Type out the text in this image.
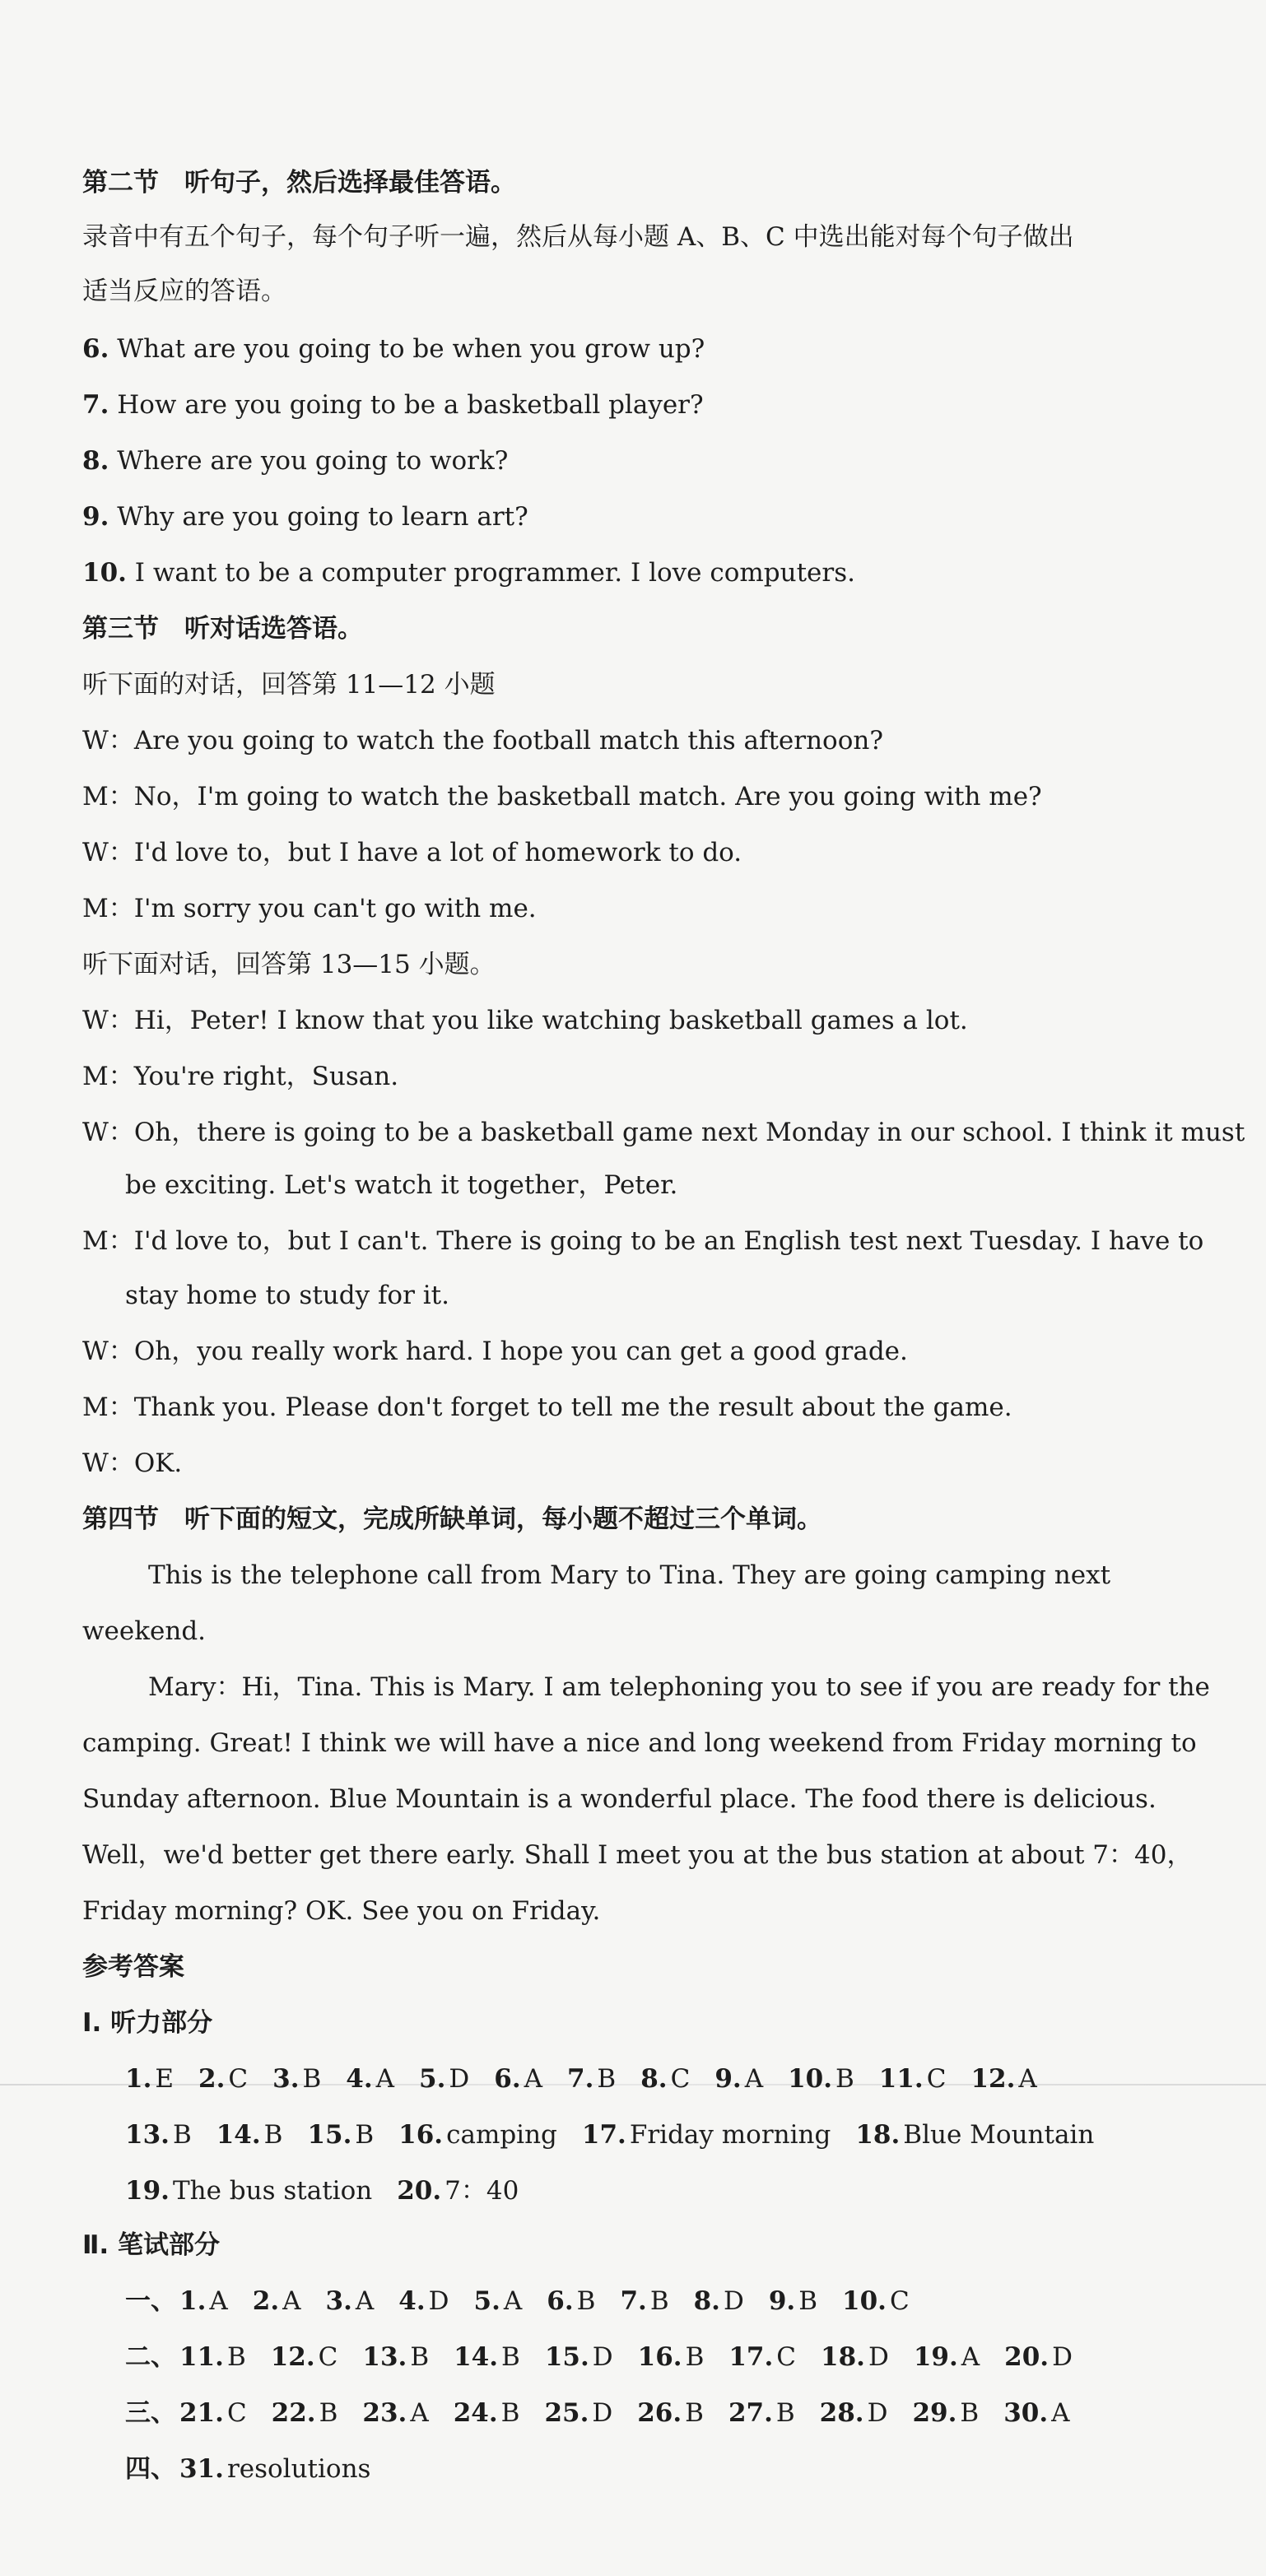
第二节　听句子，然后选择最佳答语。
录音中有五个句子，每个句子听一遍，然后从每小题 A、B、C 中选出能对每个句子做出
适当反应的答语。
6. What are you going to be when you grow up?
7. How are you going to be a basketball player?
8. Where are you going to work?
9. Why are you going to learn art?
10. I want to be a computer programmer. I love computers.
第三节　听对话选答语。
听下面的对话，回答第 11—12 小题
W：Are you going to watch the football match this afternoon?
M：No，I'm going to watch the basketball match. Are you going with me?
W：I'd love to，but I have a lot of homework to do.
M：I'm sorry you can't go with me.
听下面对话，回答第 13—15 小题。
W：Hi，Peter! I know that you like watching basketball games a lot.
M：You're right，Susan.
W：Oh，there is going to be a basketball game next Monday in our school. I think it must
be exciting. Let's watch it together，Peter.
M：I'd love to，but I can't. There is going to be an English test next Tuesday. I have to
stay home to study for it.
W：Oh，you really work hard. I hope you can get a good grade.
M：Thank you. Please don't forget to tell me the result about the game.
W：OK.
第四节　听下面的短文，完成所缺单词，每小题不超过三个单词。
This is the telephone call from Mary to Tina. They are going camping next
weekend.
Mary：Hi，Tina. This is Mary. I am telephoning you to see if you are ready for the
camping. Great! I think we will have a nice and long weekend from Friday morning to
Sunday afternoon. Blue Mountain is a wonderful place. The food there is delicious.
Well，we'd better get there early. Shall I meet you at the bus station at about 7：40，
Friday morning? OK. See you on Friday.
参考答案
Ⅰ. 听力部分
1. E 2. C 3. B 4. A 5. D 6. A 7. B 8. C 9. A 10. B 11. C 12. A
13. B 14. B 15. B 16. camping 17. Friday morning 18. Blue Mountain
19. The bus station 20. 7：40
Ⅱ. 笔试部分
一、 1. A 2. A 3. A 4. D 5. A 6. B 7. B 8. D 9. B 10. C
二、 11. B 12. C 13. B 14. B 15. D 16. B 17. C 18. D 19. A 20. D
三、 21. C 22. B 23. A 24. B 25. D 26. B 27. B 28. D 29. B 30. A
四、 31. resolutions
